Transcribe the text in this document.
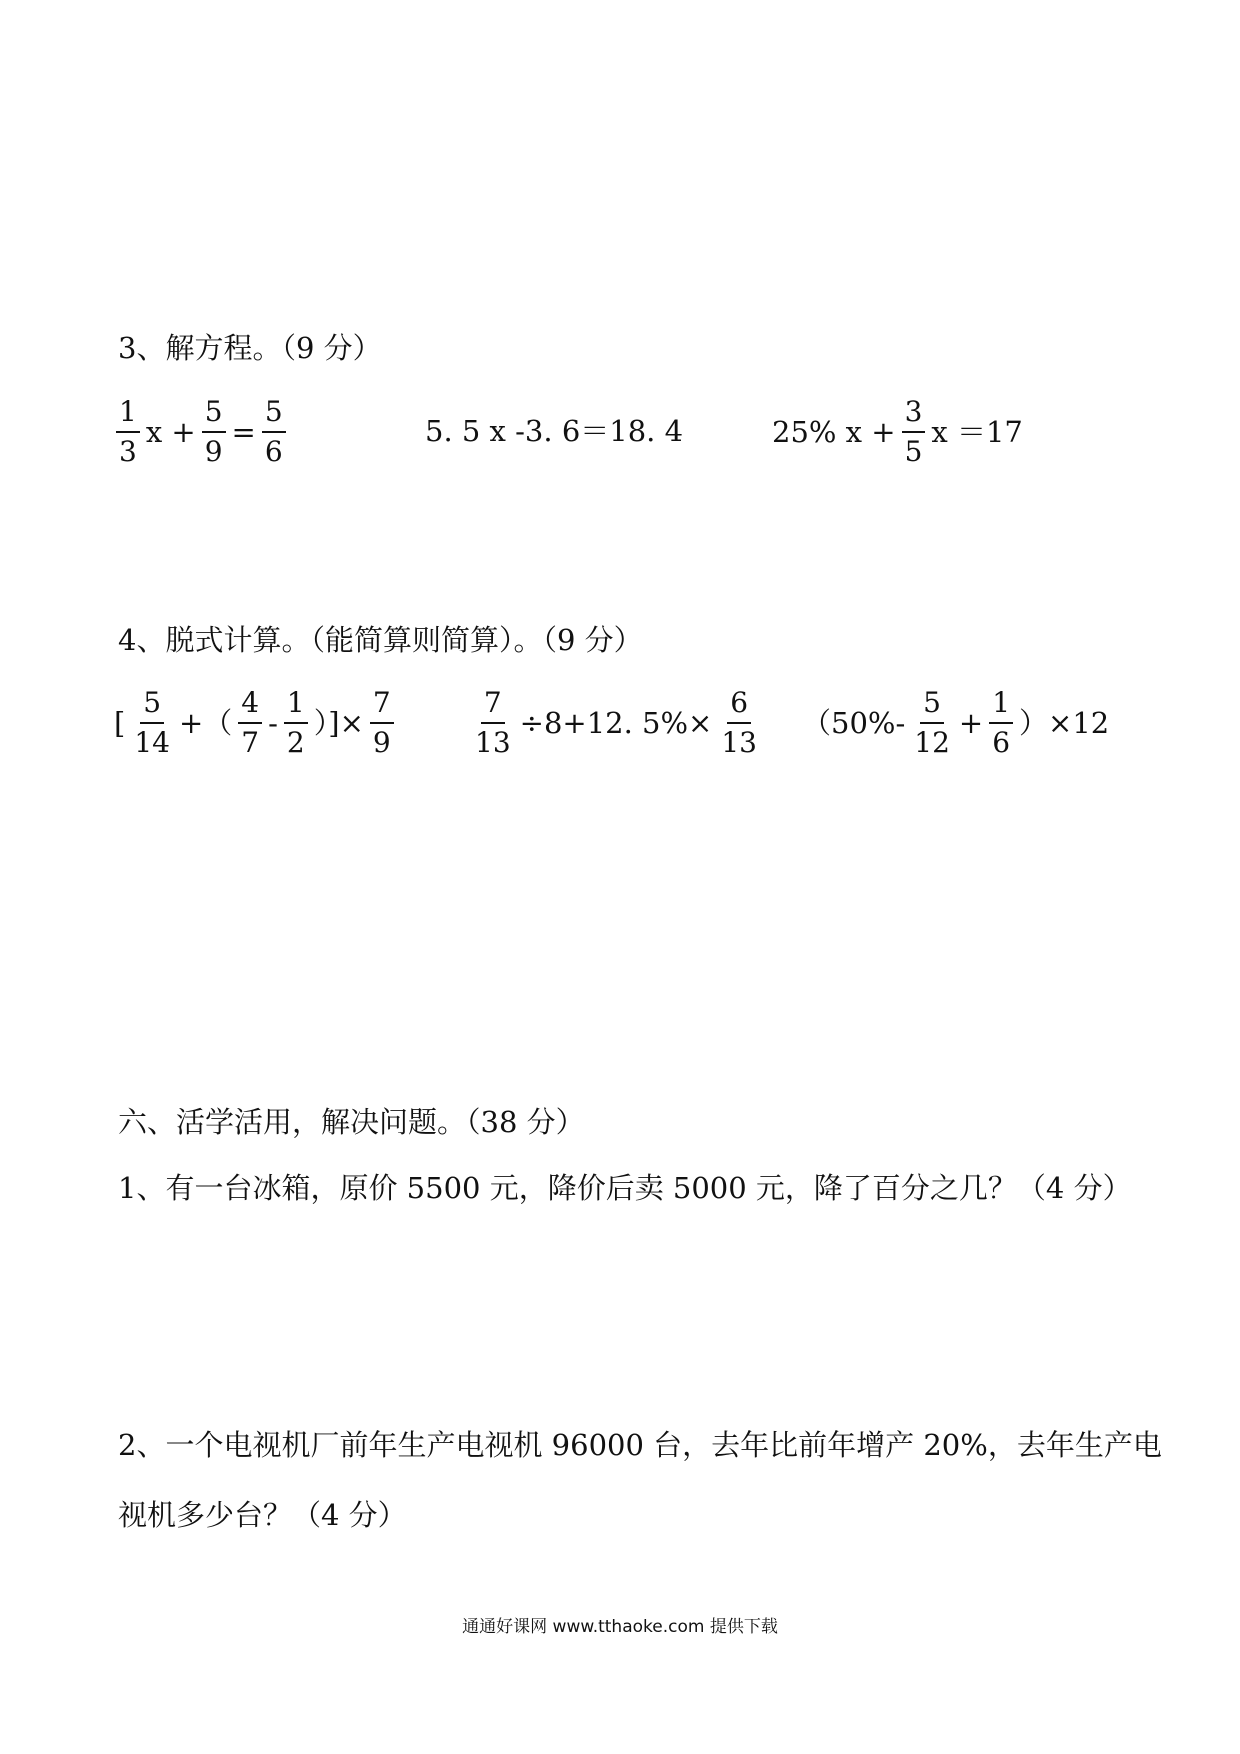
3、解方程。（9 分）
$\frac{1}{3}$ $x + \frac{5}{9} = \frac{5}{6}$	5. 5 x -3. 6＝18. 4	25% $x + \frac{3}{5}$ x ＝17
4、脱式计算。（能简算则简算）。（9 分）
[ $\frac{5}{14}$ +（ $\frac{4}{7} - \frac{1}{2}$ ）]× $\frac{7}{9}$	$\frac{7}{13} \div 8+12$. $5\%\times \frac{6}{13} (50\%- \frac{5}{12} + \frac{1}{6} )\times 12$
六、活学活用，解决问题。（38 分）
1、有一台冰箱，原价 5500 元，降价后卖 5000 元，降了百分之几？（4 分）
2、一个电视机厂前年生产电视机 96000 台，去年比前年增产 20%，去年生产电
视机多少台？（4 分）
通通好课网 www.tthaoke.com 提供下载
